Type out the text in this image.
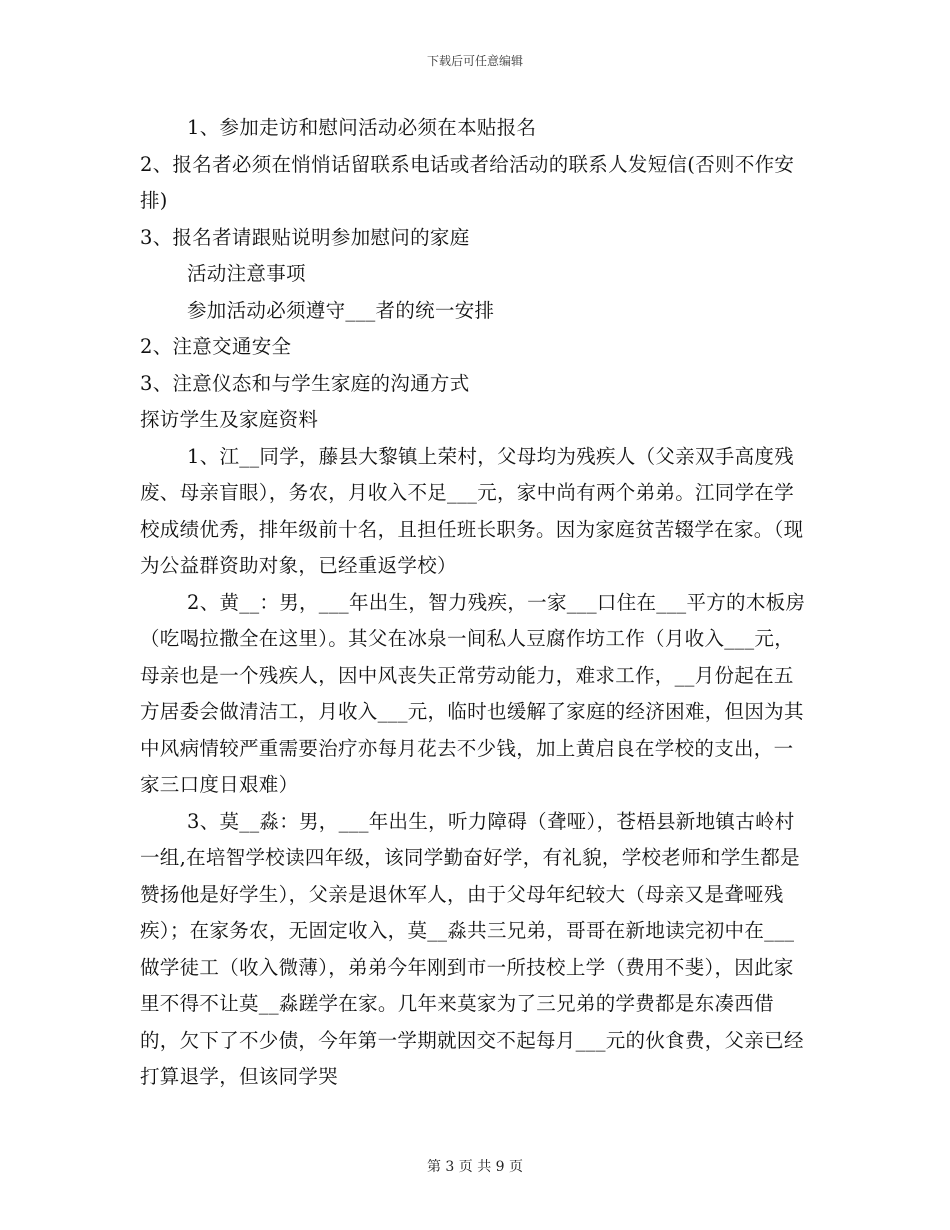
下载后可任意编辑

1、参加走访和慰问活动必须在本贴报名

2、报名者必须在悄悄话留联系电话或者给活动的联系人发短信(否则不作安排)

3、报名者请跟贴说明参加慰问的家庭

活动注意事项

参加活动必须遵守___者的统一安排

2、注意交通安全

3、注意仪态和与学生家庭的沟通方式

探访学生及家庭资料

1、江__同学，藤县大黎镇上荣村，父母均为残疾人（父亲双手高度残废、母亲盲眼），务农，月收入不足___元，家中尚有两个弟弟。江同学在学校成绩优秀，排年级前十名，且担任班长职务。因为家庭贫苦辍学在家。（现为公益群资助对象，已经重返学校）

2、黄__：男，___年出生，智力残疾，一家___口住在___平方的木板房（吃喝拉撒全在这里）。其父在冰泉一间私人豆腐作坊工作（月收入___元，母亲也是一个残疾人，因中风丧失正常劳动能力，难求工作，__月份起在五方居委会做清洁工，月收入___元，临时也缓解了家庭的经济困难，但因为其中风病情较严重需要治疗亦每月花去不少钱，加上黄启良在学校的支出，一家三口度日艰难）

3、莫__淼：男，___年出生，听力障碍（聋哑），苍梧县新地镇古岭村一组,在培智学校读四年级，该同学勤奋好学，有礼貌，学校老师和学生都是赞扬他是好学生），父亲是退休军人，由于父母年纪较大（母亲又是聋哑残疾）；在家务农，无固定收入，莫__淼共三兄弟，哥哥在新地读完初中在___做学徒工（收入微薄），弟弟今年刚到市一所技校上学（费用不斐），因此家里不得不让莫__淼蹉学在家。几年来莫家为了三兄弟的学费都是东凑西借的，欠下了不少债，今年第一学期就因交不起每月___元的伙食费，父亲已经打算退学，但该同学哭

第 3 页 共 9 页
